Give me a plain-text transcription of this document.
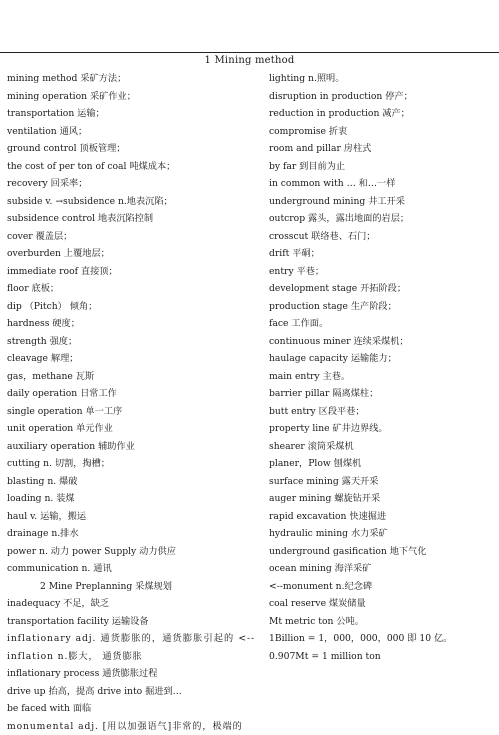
1 Mining method
mining method 采矿方法；
mining operation 采矿作业；
transportation 运输；
ventilation 通风；
ground control 顶板管理；
the cost of per ton of coal 吨煤成本；
recovery 回采率；
subside v. →subsidence n.地表沉陷；
subsidence control 地表沉陷控制
cover 覆盖层；
overburden 上覆地层；
immediate roof 直接顶；
floor 底板；
dip （Pitch） 倾角；
hardness 硬度；
strength 强度；
cleavage 解理；
gas，methane 瓦斯
daily operation 日常工作
single operation 单一工序
unit operation 单元作业
auxiliary operation 辅助作业
cutting n. 切割，掏槽；
blasting n. 爆破
loading n. 装煤
haul v. 运输，搬运
drainage n.排水
power n. 动力 power Supply 动力供应
communication n. 通讯
2 Mine Preplanning 采煤规划
inadequacy 不足，缺乏
transportation facility 运输设备
inflationary adj. 通货膨胀的，通货膨胀引起的 <--inflation n.膨大， 通货膨胀
inflationary process 通货膨胀过程
drive up 抬高，提高 drive into 掘进到…
be faced with 面临
monumental adj. [用以加强语气]非常的，极端的
lighting n.照明。
disruption in production 停产；
reduction in production 减产；
compromise 折衷
room and pillar 房柱式
by far 到目前为止
in common with … 和…一样
underground mining 井工开采
outcrop 露头，露出地面的岩层；
crosscut 联络巷、石门；
drift 平硐；
entry 平巷；
development stage 开拓阶段；
production stage 生产阶段；
face 工作面。
continuous miner 连续采煤机；
haulage capacity 运输能力；
main entry 主巷。
barrier pillar 隔离煤柱；
butt entry 区段平巷；
property line 矿井边界线。
shearer 滚筒采煤机
planer，Plow 刨煤机
surface mining 露天开采
auger mining 螺旋钻开采
rapid excavation 快速掘进
hydraulic mining 水力采矿
underground gasification 地下气化
ocean mining 海洋采矿
<--monument n.纪念碑
coal reserve 煤炭储量
Mt metric ton 公吨。
1Billion = 1，000，000，000 即 10 亿。
0.907Mt = 1 million ton
